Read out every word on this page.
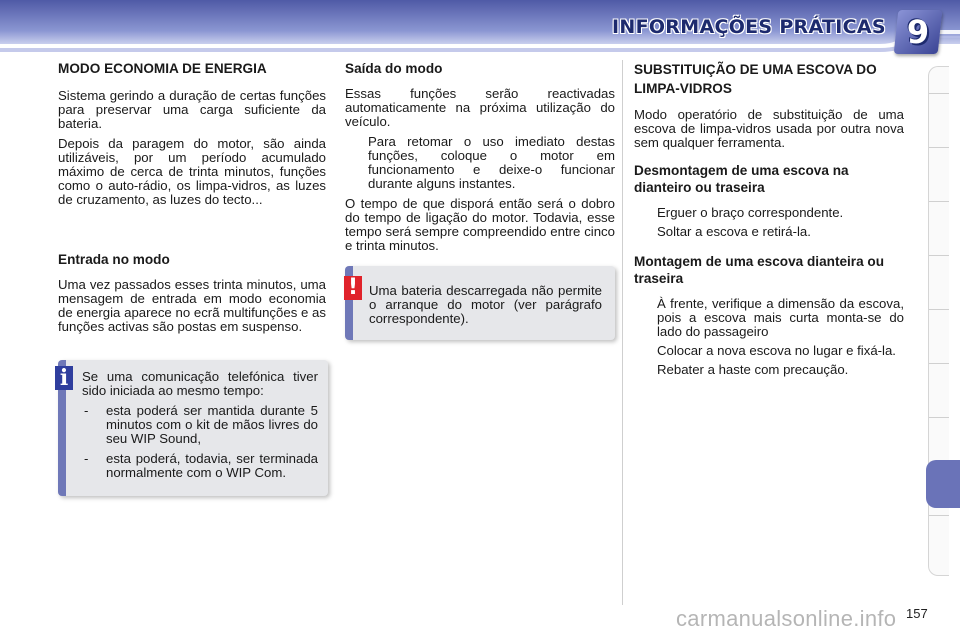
INFORMAÇÕES PRÁTICAS 9
MODO ECONOMIA DE ENERGIA

Sistema gerindo a duração de certas funções para preservar uma carga suficiente da bateria.

Depois da paragem do motor, são ainda utilizáveis, por um período acumulado máximo de cerca de trinta minutos, funções como o auto-rádio, os limpa-vidros, as luzes de cruzamento, as luzes do tecto...

Entrada no modo

Uma vez passados esses trinta minutos, uma mensagem de entrada em modo economia de energia aparece no ecrã multifunções e as funções activas são postas em suspenso.

Se uma comunicação telefónica tiver sido iniciada ao mesmo tempo:

- esta poderá ser mantida durante 5 minutos com o kit de mãos livres do seu WIP Sound,
- esta poderá, todavia, ser terminada normalmente com o WIP Com.
i
Saída do modo

Essas funções serão reactivadas automaticamente na próxima utilização do veículo.

Para retomar o uso imediato destas funções, coloque o motor em funcionamento e deixe-o funcionar durante alguns instantes.

O tempo de que disporá então será o dobro do tempo de ligação do motor. Todavia, esse tempo será sempre compreendido entre cinco e trinta minutos.

Uma bateria descarregada não permite o arranque do motor (ver parágrafo correspondente).

!
SUBSTITUIÇÃO DE UMA ESCOVA DO LIMPA-VIDROS

Modo operatório de substituição de uma escova de limpa-vidros usada por outra nova sem qualquer ferramenta.

Desmontagem de uma escova na dianteiro ou traseira
Erguer o braço correspondente.
Soltar a escova e retirá-la.
Montagem de uma escova dianteira ou traseira
À frente, verifique a dimensão da escova, pois a escova mais curta monta-se do lado do passageiro
Colocar a nova escova no lugar e fixá-la.
Rebater a haste com precaução.
157
carmanualsonline.info
